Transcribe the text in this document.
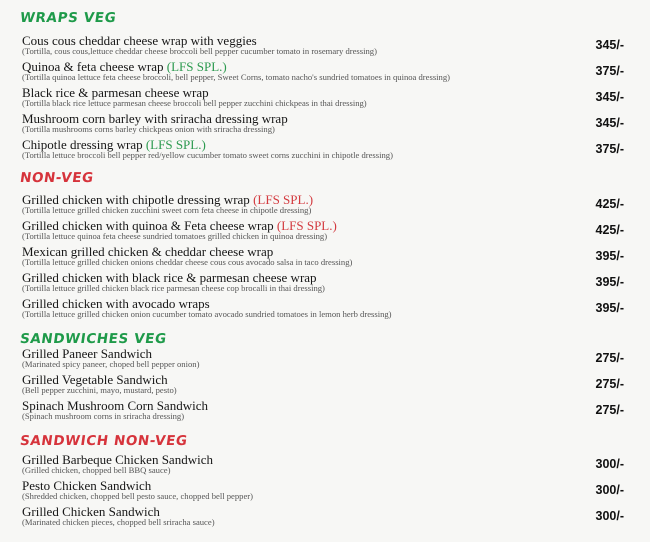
WRAPS VEG
Cous cous cheddar cheese wrap with veggies
(Tortilla, cous cous,lettuce cheddar cheese broccoli bell pepper cucumber tomato in rosemary dressing)	345/-
Quinoa & feta cheese wrap (LFS SPL.)
(Tortilla quinoa lettuce feta cheese broccoli, bell pepper, Sweet Corns, tomato nacho's sundried tomatoes in quinoa dressing)	375/-
Black rice & parmesan cheese wrap
(Tortilla black rice lettuce parmesan cheese broccoli bell pepper zucchini chickpeas in thai dressing)	345/-
Mushroom corn barley with sriracha dressing wrap
(Tortilla mushrooms corns barley chickpeas onion with sriracha dressing)	345/-
Chipotle dressing wrap (LFS SPL.)
(Tortilla lettuce broccoli bell pepper red/yellow cucumber tomato sweet corns zucchini in chipotle dressing)	375/-
NON-VEG
Grilled chicken with chipotle dressing wrap (LFS SPL.)
(Tortilla lettuce grilled chicken zucchini sweet corn feta cheese in chipotle dressing)	425/-
Grilled chicken with quinoa & Feta cheese wrap (LFS SPL.)
(Tortilla lettuce quinoa feta cheese sundried tomatoes grilled chicken in quinoa dressing)	425/-
Mexican grilled chicken & cheddar cheese wrap
(Tortilla lettuce grilled chicken onions cheddar cheese cous cous avocado salsa in taco dressing)	395/-
Grilled chicken with black rice & parmesan cheese wrap
(Tortilla lettuce grilled chicken black rice parmesan cheese cop brocalli in thai dressing)	395/-
Grilled chicken with avocado wraps
(Tortilla lettuce grilled chicken onion cucumber tomato avocado sundried tomatoes in lemon herb dressing)	395/-
SANDWICHES VEG
Grilled Paneer Sandwich
(Marinated spicy paneer, choped bell pepper onion)	275/-
Grilled Vegetable Sandwich
(Bell pepper zucchini, mayo, mustard, pesto)	275/-
Spinach Mushroom Corn Sandwich
(Spinach mushroom corns in sriracha dressing)	275/-
SANDWICH NON-VEG
Grilled Barbeque Chicken Sandwich
(Grilled chicken, chopped bell BBQ sauce)	300/-
Pesto Chicken Sandwich
(Shredded chicken, chopped bell pesto sauce, chopped bell pepper)	300/-
Grilled Chicken Sandwich
(Marinated chicken pieces, chopped bell sriracha sauce)	300/-
